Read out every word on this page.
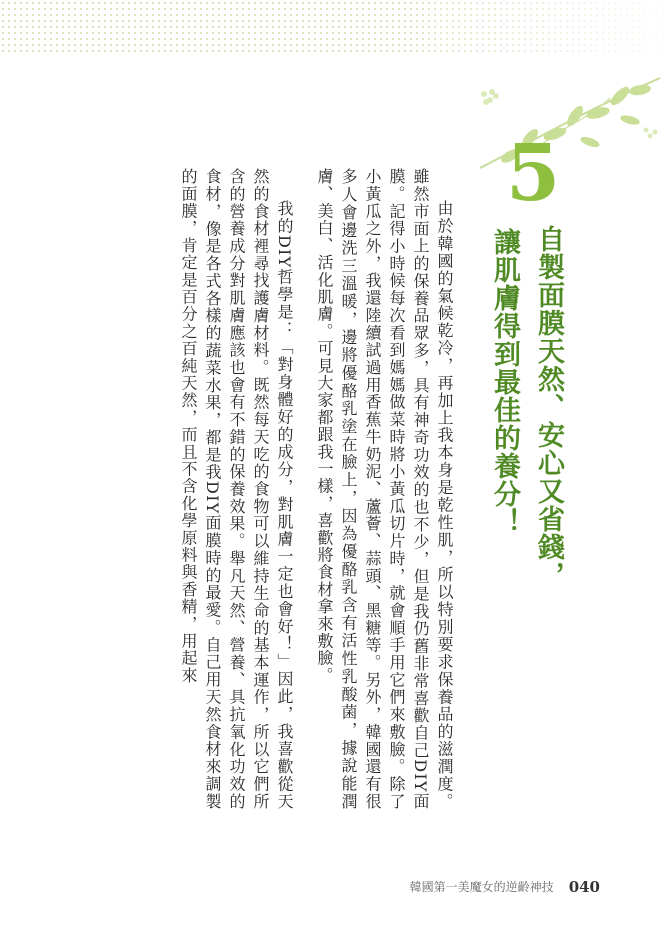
5
自製面膜天然、安心又省錢，
讓肌膚得到最佳的養分！

由於韓國的氣候乾冷，再加上我本身是乾性肌，所以特別要求保養品的滋潤度。雖然市面上的保養品眾多，具有神奇功效的也不少，但是我仍舊非常喜歡自己DIY面膜。記得小時候每次看到媽媽做菜時將小黃瓜切片時，就會順手用它們來敷臉。除了小黃瓜之外，我還陸續試過用香蕉牛奶泥、蘆薈、蒜頭、黑糖等。另外，韓國還有很多人會邊洗三溫暖，邊將優酪乳塗在臉上，因為優酪乳含有活性乳酸菌，據說能潤膚、美白、活化肌膚。可見大家都跟我一樣，喜歡將食材拿來敷臉。

我的DIY哲學是：「對身體好的成分，對肌膚一定也會好！」因此，我喜歡從天然的食材裡尋找護膚材料。既然每天吃的食物可以維持生命的基本運作，所以它們所含的營養成分對肌膚應該也會有不錯的保養效果。舉凡天然、營養、具抗氧化功效的食材，像是各式各樣的蔬菜水果，都是我DIY面膜時的最愛。自己用天然食材來調製的面膜，肯定是百分之百純天然，而且不含化學原料與香精，用起來

韓國第一美魔女的逆齡神技 040
